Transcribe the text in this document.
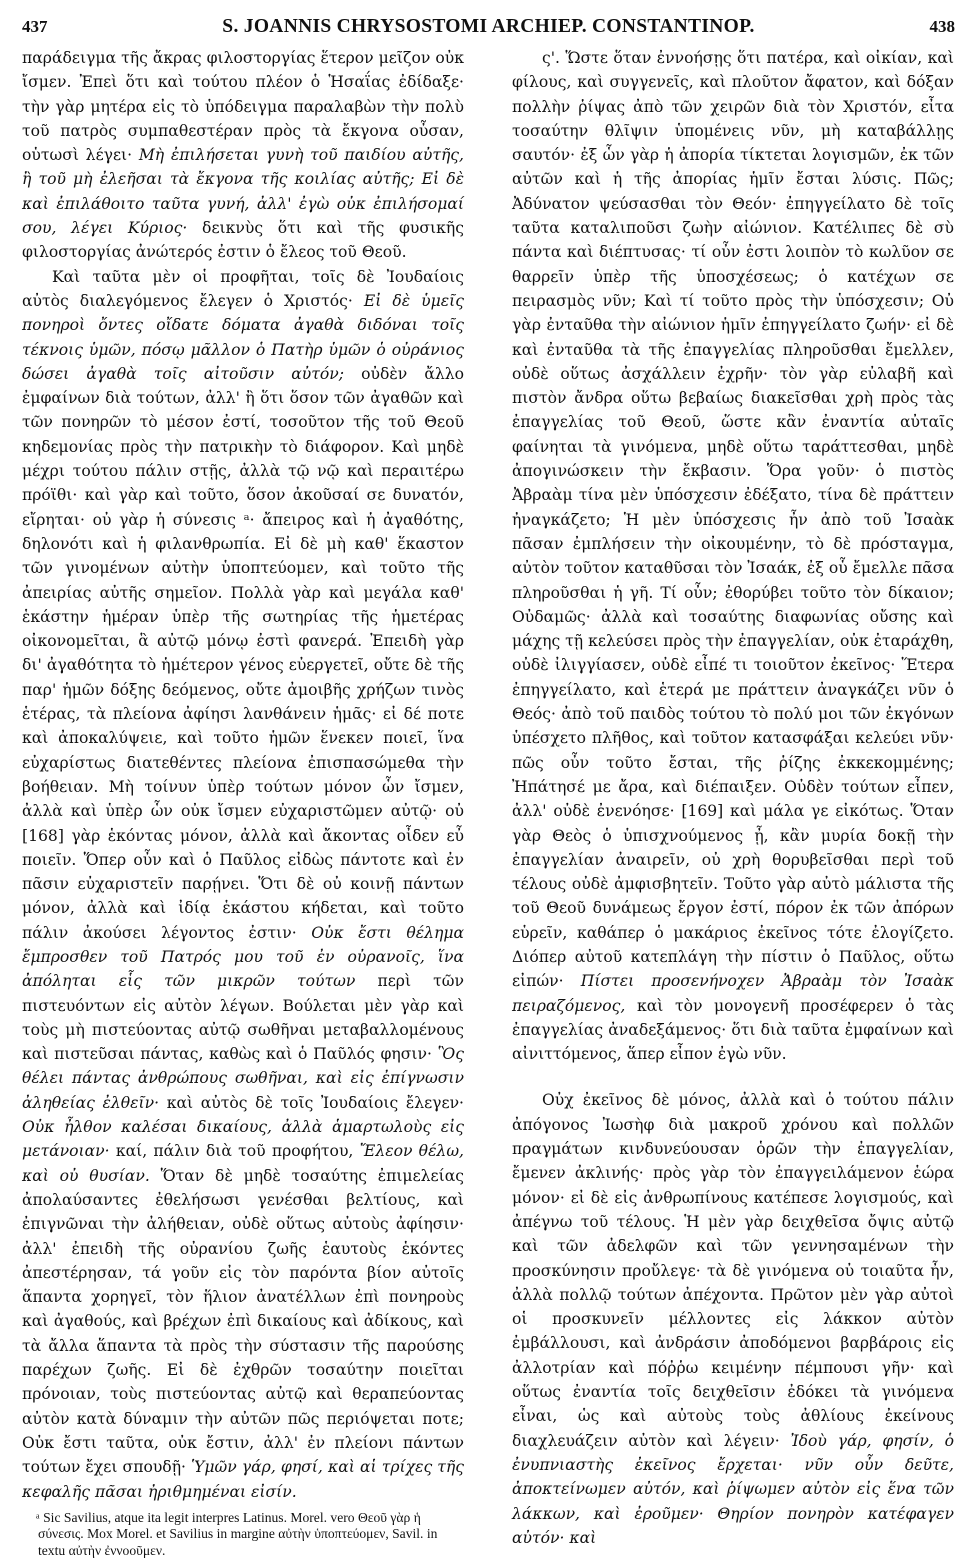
437	S. JOANNIS CHRYSOSTOMI ARCHIEP. CONSTANTINOP.	438

παράδειγμα τῆς ἄκρας φιλοστοργίας ἕτερον μεῖζον οὐκ ἴσμεν. Ἐπεὶ ὅτι καὶ τούτου πλέον ὁ Ἡσαΐας ἐδίδαξε· τὴν γὰρ μητέρα εἰς τὸ ὑπόδειγμα παραλαβὼν τὴν πολὺ τοῦ πατρὸς συμπαθεστέραν πρὸς τὰ ἔκγονα οὖσαν, οὑτωσὶ λέγει· Μὴ ἐπιλήσεται γυνὴ τοῦ παιδίου αὐτῆς, ἢ τοῦ μὴ ἐλεῆσαι τὰ ἔκγονα τῆς κοιλίας αὐτῆς; Εἰ δὲ καὶ ἐπιλάθοιτο ταῦτα γυνή, ἀλλ' ἐγὼ οὐκ ἐπιλήσομαί σου, λέγει Κύριος· δεικνὺς ὅτι καὶ τῆς φυσικῆς φιλοστοργίας ἀνώτερός ἐστιν ὁ ἔλεος τοῦ Θεοῦ.

Καὶ ταῦτα μὲν οἱ προφῆται, τοῖς δὲ Ἰουδαίοις αὐτὸς διαλεγόμενος ἔλεγεν ὁ Χριστός· Εἰ δὲ ὑμεῖς πονηροὶ ὄντες οἴδατε δόματα ἀγαθὰ διδόναι τοῖς τέκνοις ὑμῶν, πόσῳ μᾶλλον ὁ Πατὴρ ὑμῶν ὁ οὐράνιος δώσει ἀγαθὰ τοῖς αἰτοῦσιν αὐτόν; οὐδὲν ἄλλο ἐμφαίνων διὰ τούτων, ἀλλ' ἢ ὅτι ὅσον τῶν ἀγαθῶν καὶ τῶν πονηρῶν τὸ μέσον ἐστί, τοσοῦτον τῆς τοῦ Θεοῦ κηδεμονίας πρὸς τὴν πατρικὴν τὸ διάφορον. Καὶ μηδὲ μέχρι τούτου πάλιν στῇς, ἀλλὰ τῷ νῷ καὶ περαιτέρω πρόϊθι· καὶ γὰρ καὶ τοῦτο, ὅσον ἀκοῦσαί σε δυνατόν, εἴρηται· οὐ γὰρ ἡ σύνεσις ᵃ· ἄπειρος καὶ ἡ ἀγαθότης, δηλονότι καὶ ἡ φιλανθρωπία. Εἰ δὲ μὴ καθ' ἕκαστον τῶν γινομένων αὐτὴν ὑποπτεύομεν, καὶ τοῦτο τῆς ἀπειρίας αὐτῆς σημεῖον. Πολλὰ γὰρ καὶ μεγάλα καθ' ἑκάστην ἡμέραν ὑπὲρ τῆς σωτηρίας τῆς ἡμετέρας οἰκονομεῖται, ἃ αὐτῷ μόνῳ ἐστὶ φανερά. Ἐπειδὴ γὰρ δι' ἀγαθότητα τὸ ἡμέτερον γένος εὐεργετεῖ, οὔτε δὲ τῆς παρ' ἡμῶν δόξης δεόμενος, οὔτε ἀμοιβῆς χρήζων τινὸς ἑτέρας, τὰ πλείονα ἀφίησι λανθάνειν ἡμᾶς· εἰ δέ ποτε καὶ ἀποκαλύψειε, καὶ τοῦτο ἡμῶν ἕνεκεν ποιεῖ, ἵνα εὐχαρίστως διατεθέντες πλείονα ἐπισπασώμεθα τὴν βοήθειαν. Μὴ τοίνυν ὑπὲρ τούτων μόνον ὧν ἴσμεν, ἀλλὰ καὶ ὑπὲρ ὧν οὐκ ἴσμεν εὐχαριστῶμεν αὐτῷ· οὐ [168] γὰρ ἑκόντας μόνον, ἀλλὰ καὶ ἄκοντας οἶδεν εὖ ποιεῖν. Ὅπερ οὖν καὶ ὁ Παῦλος εἰδὼς πάντοτε καὶ ἐν πᾶσιν εὐχαριστεῖν παρῄνει. Ὅτι δὲ οὐ κοινῇ πάντων μόνον, ἀλλὰ καὶ ἰδίᾳ ἑκάστου κήδεται, καὶ τοῦτο πάλιν ἀκούσει λέγοντος ἐστιν· Οὐκ ἔστι θέλημα ἔμπροσθεν τοῦ Πατρός μου τοῦ ἐν οὐρανοῖς, ἵνα ἀπόληται εἷς τῶν μικρῶν τούτων περὶ τῶν πιστευόντων εἰς αὐτὸν λέγων. Βούλεται μὲν γὰρ καὶ τοὺς μὴ πιστεύοντας αὐτῷ σωθῆναι μεταβαλλομένους καὶ πιστεῦσαι πάντας, καθὼς καὶ ὁ Παῦλός φησιν· Ὃς θέλει πάντας ἀνθρώπους σωθῆναι, καὶ εἰς ἐπίγνωσιν ἀληθείας ἐλθεῖν· καὶ αὐτὸς δὲ τοῖς Ἰουδαίοις ἔλεγεν· Οὐκ ἦλθον καλέσαι δικαίους, ἀλλὰ ἁμαρτωλοὺς εἰς μετάνοιαν· καί, πάλιν διὰ τοῦ προφήτου, Ἔλεον θέλω, καὶ οὐ θυσίαν. Ὅταν δὲ μηδὲ τοσαύτης ἐπιμελείας ἀπολαύσαντες ἐθελήσωσι γενέσθαι βελτίους, καὶ ἐπιγνῶναι τὴν ἀλήθειαν, οὐδὲ οὕτως αὐτοὺς ἀφίησιν· ἀλλ' ἐπειδὴ τῆς οὐρανίου ζωῆς ἑαυτοὺς ἑκόντες ἀπεστέρησαν, τά γοῦν εἰς τὸν παρόντα βίον αὐτοῖς ἅπαντα χορηγεῖ, τὸν ἥλιον ἀνατέλλων ἐπὶ πονηροὺς καὶ ἀγαθούς, καὶ βρέχων ἐπὶ δικαίους καὶ ἀδίκους, καὶ τὰ ἄλλα ἅπαντα τὰ πρὸς τὴν σύστασιν τῆς παρούσης παρέχων ζωῆς. Εἰ δὲ ἐχθρῶν τοσαύτην ποιεῖται πρόνοιαν, τοὺς πιστεύοντας αὐτῷ καὶ θεραπεύοντας αὐτὸν κατὰ δύναμιν τὴν αὐτῶν πῶς περιόψεται ποτε; Οὐκ ἔστι ταῦτα, οὐκ ἔστιν, ἀλλ' ἐν πλείονι πάντων τούτων ἔχει σπουδῇ· Ὑμῶν γάρ, φησί, καὶ αἱ τρίχες τῆς κεφαλῆς πᾶσαι ἠριθμημέναι εἰσίν.

ᵃ Sic Savilius, atque ita legit interpres Latinus. Morel. vero Θεοῦ γὰρ ἡ σύνεσις. Mox Morel. et Savilius in margine αὐτὴν ὑποπτεύομεν, Savil. in textu αὐτὴν ἐννοοῦμεν.

ς'. Ὥστε ὅταν ἐννοήσῃς ὅτι πατέρα, καὶ οἰκίαν, καὶ φίλους, καὶ συγγενεῖς, καὶ πλοῦτον ἄφατον, καὶ δόξαν πολλὴν ῥίψας ἀπὸ τῶν χειρῶν διὰ τὸν Χριστόν, εἶτα τοσαύτην θλῖψιν ὑπομένεις νῦν, μὴ καταβάλλῃς σαυτόν· ἐξ ὧν γὰρ ἡ ἀπορία τίκτεται λογισμῶν, ἐκ τῶν αὐτῶν καὶ ἡ τῆς ἀπορίας ἡμῖν ἔσται λύσις. Πῶς; Ἀδύνατον ψεύσασθαι τὸν Θεόν· ἐπηγγείλατο δὲ τοῖς ταῦτα καταλιποῦσι ζωὴν αἰώνιον. Κατέλιπες δὲ σὺ πάντα καὶ διέπτυσας· τί οὖν ἐστι λοιπὸν τὸ κωλῦον σε θαρρεῖν ὑπὲρ τῆς ὑποσχέσεως; ὁ κατέχων σε πειρασμὸς νῦν; Καὶ τί τοῦτο πρὸς τὴν ὑπόσχεσιν; Οὐ γὰρ ἐνταῦθα τὴν αἰώνιον ἡμῖν ἐπηγγείλατο ζωήν· εἰ δὲ καὶ ἐνταῦθα τὰ τῆς ἐπαγγελίας πληροῦσθαι ἔμελλεν, οὐδὲ οὕτως ἀσχάλλειν ἐχρῆν· τὸν γὰρ εὐλαβῆ καὶ πιστὸν ἄνδρα οὕτω βεβαίως διακεῖσθαι χρὴ πρὸς τὰς ἐπαγγελίας τοῦ Θεοῦ, ὥστε κἂν ἐναντία αὐταῖς φαίνηται τὰ γινόμενα, μηδὲ οὕτω ταράττεσθαι, μηδὲ ἀπογινώσκειν τὴν ἔκβασιν. Ὅρα γοῦν· ὁ πιστὸς Ἀβραὰμ τίνα μὲν ὑπόσχεσιν ἐδέξατο, τίνα δὲ πράττειν ἠναγκάζετο; Ἡ μὲν ὑπόσχεσις ἦν ἀπὸ τοῦ Ἰσαὰκ πᾶσαν ἐμπλήσειν τὴν οἰκουμένην, τὸ δὲ πρόσταγμα, αὐτὸν τοῦτον καταθῦσαι τὸν Ἰσαάκ, ἐξ οὗ ἔμελλε πᾶσα πληροῦσθαι ἡ γῆ. Τί οὖν; ἐθορύβει τοῦτο τὸν δίκαιον; Οὐδαμῶς· ἀλλὰ καὶ τοσαύτης διαφωνίας οὔσης καὶ μάχης τῇ κελεύσει πρὸς τὴν ἐπαγγελίαν, οὐκ ἐταράχθη, οὐδὲ ἰλιγγίασεν, οὐδὲ εἶπέ τι τοιοῦτον ἐκεῖνος· Ἕτερα ἐπηγγείλατο, καὶ ἑτερά με πράττειν ἀναγκάζει νῦν ὁ Θεός· ἀπὸ τοῦ παιδὸς τούτου τὸ πολύ μοι τῶν ἐκγόνων ὑπέσχετο πλῆθος, καὶ τοῦτον κατασφάξαι κελεύει νῦν· πῶς οὖν τοῦτο ἔσται, τῆς ῥίζης ἐκκεκομμένης; Ἠπάτησέ με ἄρα, καὶ διέπαιξεν. Οὐδὲν τούτων εἶπεν, ἀλλ' οὐδὲ ἐνενόησε· [169] καὶ μάλα γε εἰκότως. Ὅταν γὰρ Θεὸς ὁ ὑπισχνούμενος ᾖ, κἂν μυρία δοκῇ τὴν ἐπαγγελίαν ἀναιρεῖν, οὐ χρὴ θορυβεῖσθαι περὶ τοῦ τέλους οὐδὲ ἀμφισβητεῖν. Τοῦτο γὰρ αὐτὸ μάλιστα τῆς τοῦ Θεοῦ δυνάμεως ἔργον ἐστί, πόρον ἐκ τῶν ἀπόρων εὑρεῖν, καθάπερ ὁ μακάριος ἐκεῖνος τότε ἐλογίζετο. Διόπερ αὐτοῦ κατεπλάγη τὴν πίστιν ὁ Παῦλος, οὕτω εἰπών· Πίστει προσενήνοχεν Ἀβραὰμ τὸν Ἰσαὰκ πειραζόμενος, καὶ τὸν μονογενῆ προσέφερεν ὁ τὰς ἐπαγγελίας ἀναδεξάμενος· ὅτι διὰ ταῦτα ἐμφαίνων καὶ αἰνιττόμενος, ἅπερ εἶπον ἐγὼ νῦν.

Οὐχ ἐκεῖνος δὲ μόνος, ἀλλὰ καὶ ὁ τούτου πάλιν ἀπόγονος Ἰωσὴφ διὰ μακροῦ χρόνου καὶ πολλῶν πραγμάτων κινδυνεύουσαν ὁρῶν τὴν ἐπαγγελίαν, ἔμενεν ἀκλινής· πρὸς γὰρ τὸν ἐπαγγειλάμενον ἑώρα μόνον· εἰ δὲ εἰς ἀνθρωπίνους κατέπεσε λογισμούς, καὶ ἀπέγνω τοῦ τέλους. Ἡ μὲν γὰρ δειχθεῖσα ὄψις αὐτῷ καὶ τῶν ἀδελφῶν καὶ τῶν γεννησαμένων τὴν προσκύνησιν προὔλεγε· τὰ δὲ γινόμενα οὐ τοιαῦτα ἦν, ἀλλὰ πολλῷ τούτων ἀπέχοντα. Πρῶτον μὲν γὰρ αὐτοὶ οἱ προσκυνεῖν μέλλοντες εἰς λάκκον αὐτὸν ἐμβάλλουσι, καὶ ἀνδράσιν ἀποδόμενοι βαρβάροις εἰς ἀλλοτρίαν καὶ πόῤῥω κειμένην πέμπουσι γῆν· καὶ οὕτως ἐναντία τοῖς δειχθεῖσιν ἐδόκει τὰ γινόμενα εἶναι, ὡς καὶ αὐτοὺς τοὺς ἀθλίους ἐκείνους διαχλευάζειν αὐτὸν καὶ λέγειν· Ἰδοὺ γάρ, φησίν, ὁ ἐνυπνιαστὴς ἐκεῖνος ἔρχεται· νῦν οὖν δεῦτε, ἀποκτείνωμεν αὐτόν, καὶ ῥίψωμεν αὐτὸν εἰς ἕνα τῶν λάκκων, καὶ ἐροῦμεν· Θηρίον πονηρὸν κατέφαγεν αὐτόν· καὶ
